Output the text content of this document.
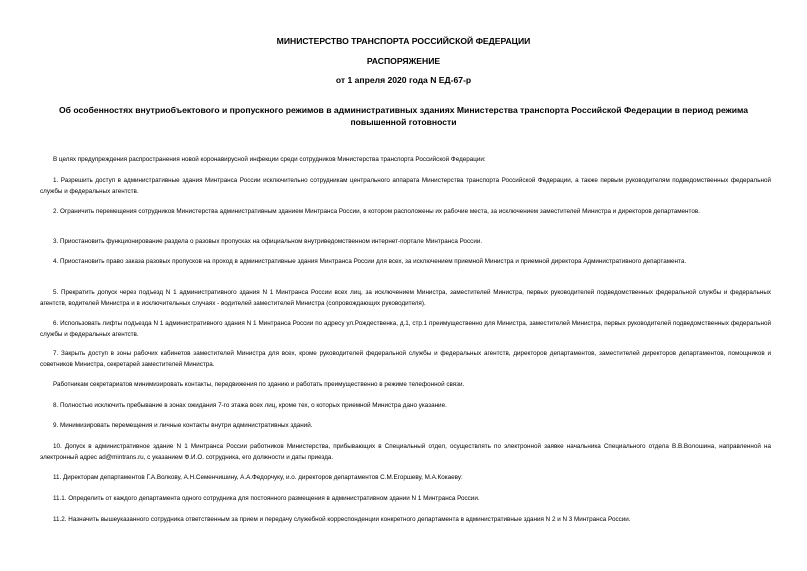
МИНИСТЕРСТВО ТРАНСПОРТА РОССИЙСКОЙ ФЕДЕРАЦИИ
РАСПОРЯЖЕНИЕ
от 1 апреля 2020 года N ЕД-67-р
Об особенностях внутриобъектового и пропускного режимов в административных зданиях Министерства транспорта Российской Федерации в период режима повышенной готовности
В целях предупреждения распространения новой коронавирусной инфекции среди сотрудников Министерства транспорта Российской Федерации:
1. Разрешить доступ в административные здания Минтранса России исключительно сотрудникам центрального аппарата Министерства транспорта Российской Федерации, а также первым руководителям подведомственных федеральной службы и федеральных агентств.
2. Ограничить перемещения сотрудников Министерства административным зданием Минтранса России, в котором расположены их рабочие места, за исключением заместителей Министра и директоров департаментов.
3. Приостановить функционирование раздела о разовых пропусках на официальном внутриведомственном интернет-портале Минтранса России.
4. Приостановить право заказа разовых пропусков на проход в административные здания Минтранса России для всех, за исключением приемной Министра и приемной директора Административного департамента.
5. Прекратить допуск через подъезд N 1 административного здания N 1 Минтранса России всех лиц, за исключением Министра, заместителей Министра, первых руководителей подведомственных федеральной службы и федеральных агентств, водителей Министра и в исключительных случаях - водителей заместителей Министра (сопровождающих руководителя).
6. Использовать лифты подъезда N 1 административного здания N 1 Минтранса России по адресу ул.Рождественка, д.1, стр.1 преимущественно для Министра, заместителей Министра, первых руководителей подведомственных федеральной службы и федеральных агентств.
7. Закрыть доступ в зоны рабочих кабинетов заместителей Министра для всех, кроме руководителей федеральной службы и федеральных агентств, директоров департаментов, заместителей директоров департаментов, помощников и советников Министра, секретарей заместителей Министра.
Работникам секретариатов минимизировать контакты, передвижения по зданию и работать преимущественно в режиме телефонной связи.
8. Полностью исключить пребывание в зонах ожидания 7-го этажа всех лиц, кроме тех, о которых приемной Министра дано указание.
9. Минимизировать перемещения и личные контакты внутри административных зданий.
10. Допуск в административное здание N 1 Минтранса России работников Министерства, прибывающих в Специальный отдел, осуществлять по электронной заявке начальника Специального отдела В.В.Волошина, направленной на электронный адрес ad@mintrans.ru, с указанием Ф.И.О. сотрудника, его должности и даты приезда.
11. Директорам департаментов Г.А.Волкову, А.Н.Семенчишину, А.А.Федорчуку, и.о. директоров департаментов С.М.Егоршеву, М.А.Кокаеву:
11.1. Определить от каждого департамента одного сотрудника для постоянного размещения в административном здании N 1 Минтранса России.
11.2. Назначить вышеуказанного сотрудника ответственным за прием и передачу служебной корреспонденции конкретного департамента в административные здания N 2 и N 3 Минтранса России.
